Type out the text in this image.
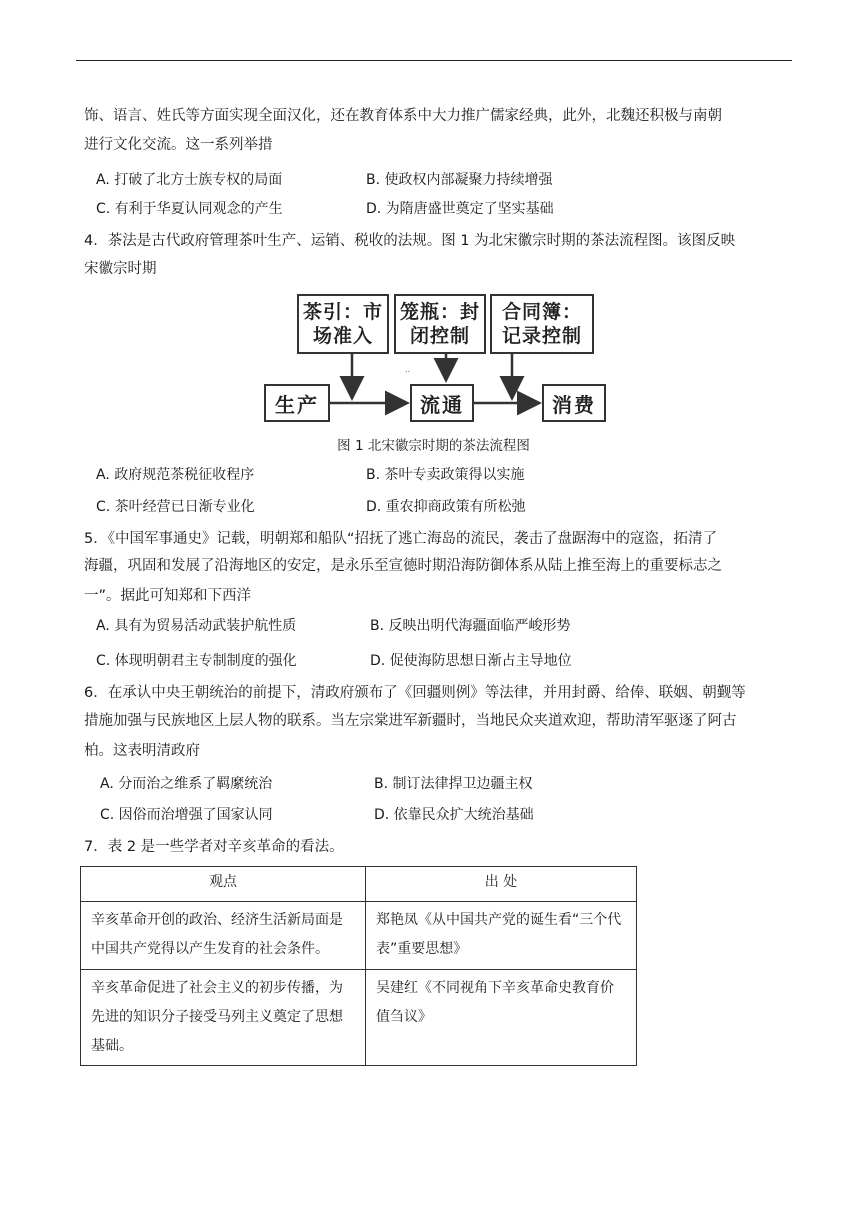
饰、语言、姓氏等方面实现全面汉化，还在教育体系中大力推广儒家经典，此外，北魏还积极与南朝
进行文化交流。这一系列举措
A. 打破了北方士族专权的局面	B. 使政权内部凝聚力持续增强
C. 有利于华夏认同观念的产生	D. 为隋唐盛世奠定了坚实基础
4．茶法是古代政府管理茶叶生产、运销、税收的法规。图 1 为北宋徽宗时期的茶法流程图。该图反映
宋徽宗时期
茶引：市
场准入
笼瓶：封
闭控制
合同簿：
记录控制
生产	流通	消费
..
图 1 北宋徽宗时期的茶法流程图
A. 政府规范茶税征收程序	B. 茶叶专卖政策得以实施
C. 茶叶经营已日渐专业化	D. 重农抑商政策有所松弛
5．《中国军事通史》记载，明朝郑和船队“招抚了逃亡海岛的流民，袭击了盘踞海中的寇盗，拓清了
海疆，巩固和发展了沿海地区的安定，是永乐至宣德时期沿海防御体系从陆上推至海上的重要标志之
一”。据此可知郑和下西洋
A. 具有为贸易活动武装护航性质	B. 反映出明代海疆面临严峻形势
C. 体现明朝君主专制制度的强化	D. 促使海防思想日渐占主导地位
6．在承认中央王朝统治的前提下，清政府颁布了《回疆则例》等法律，并用封爵、给俸、联姻、朝觐等
措施加强与民族地区上层人物的联系。当左宗棠进军新疆时，当地民众夹道欢迎，帮助清军驱逐了阿古
柏。这表明清政府
A. 分而治之维系了羁縻统治	B. 制订法律捍卫边疆主权
C. 因俗而治增强了国家认同	D. 依靠民众扩大统治基础
7．表 2 是一些学者对辛亥革命的看法。
观点	出 处
辛亥革命开创的政治、经济生活新局面是中国共产党得以产生发育的社会条件。	郑艳凤《从中国共产党的诞生看“三个代表”重要思想》
辛亥革命促进了社会主义的初步传播，为先进的知识分子接受马列主义奠定了思想基础。	吴建红《不同视角下辛亥革命史教育价值刍议》
